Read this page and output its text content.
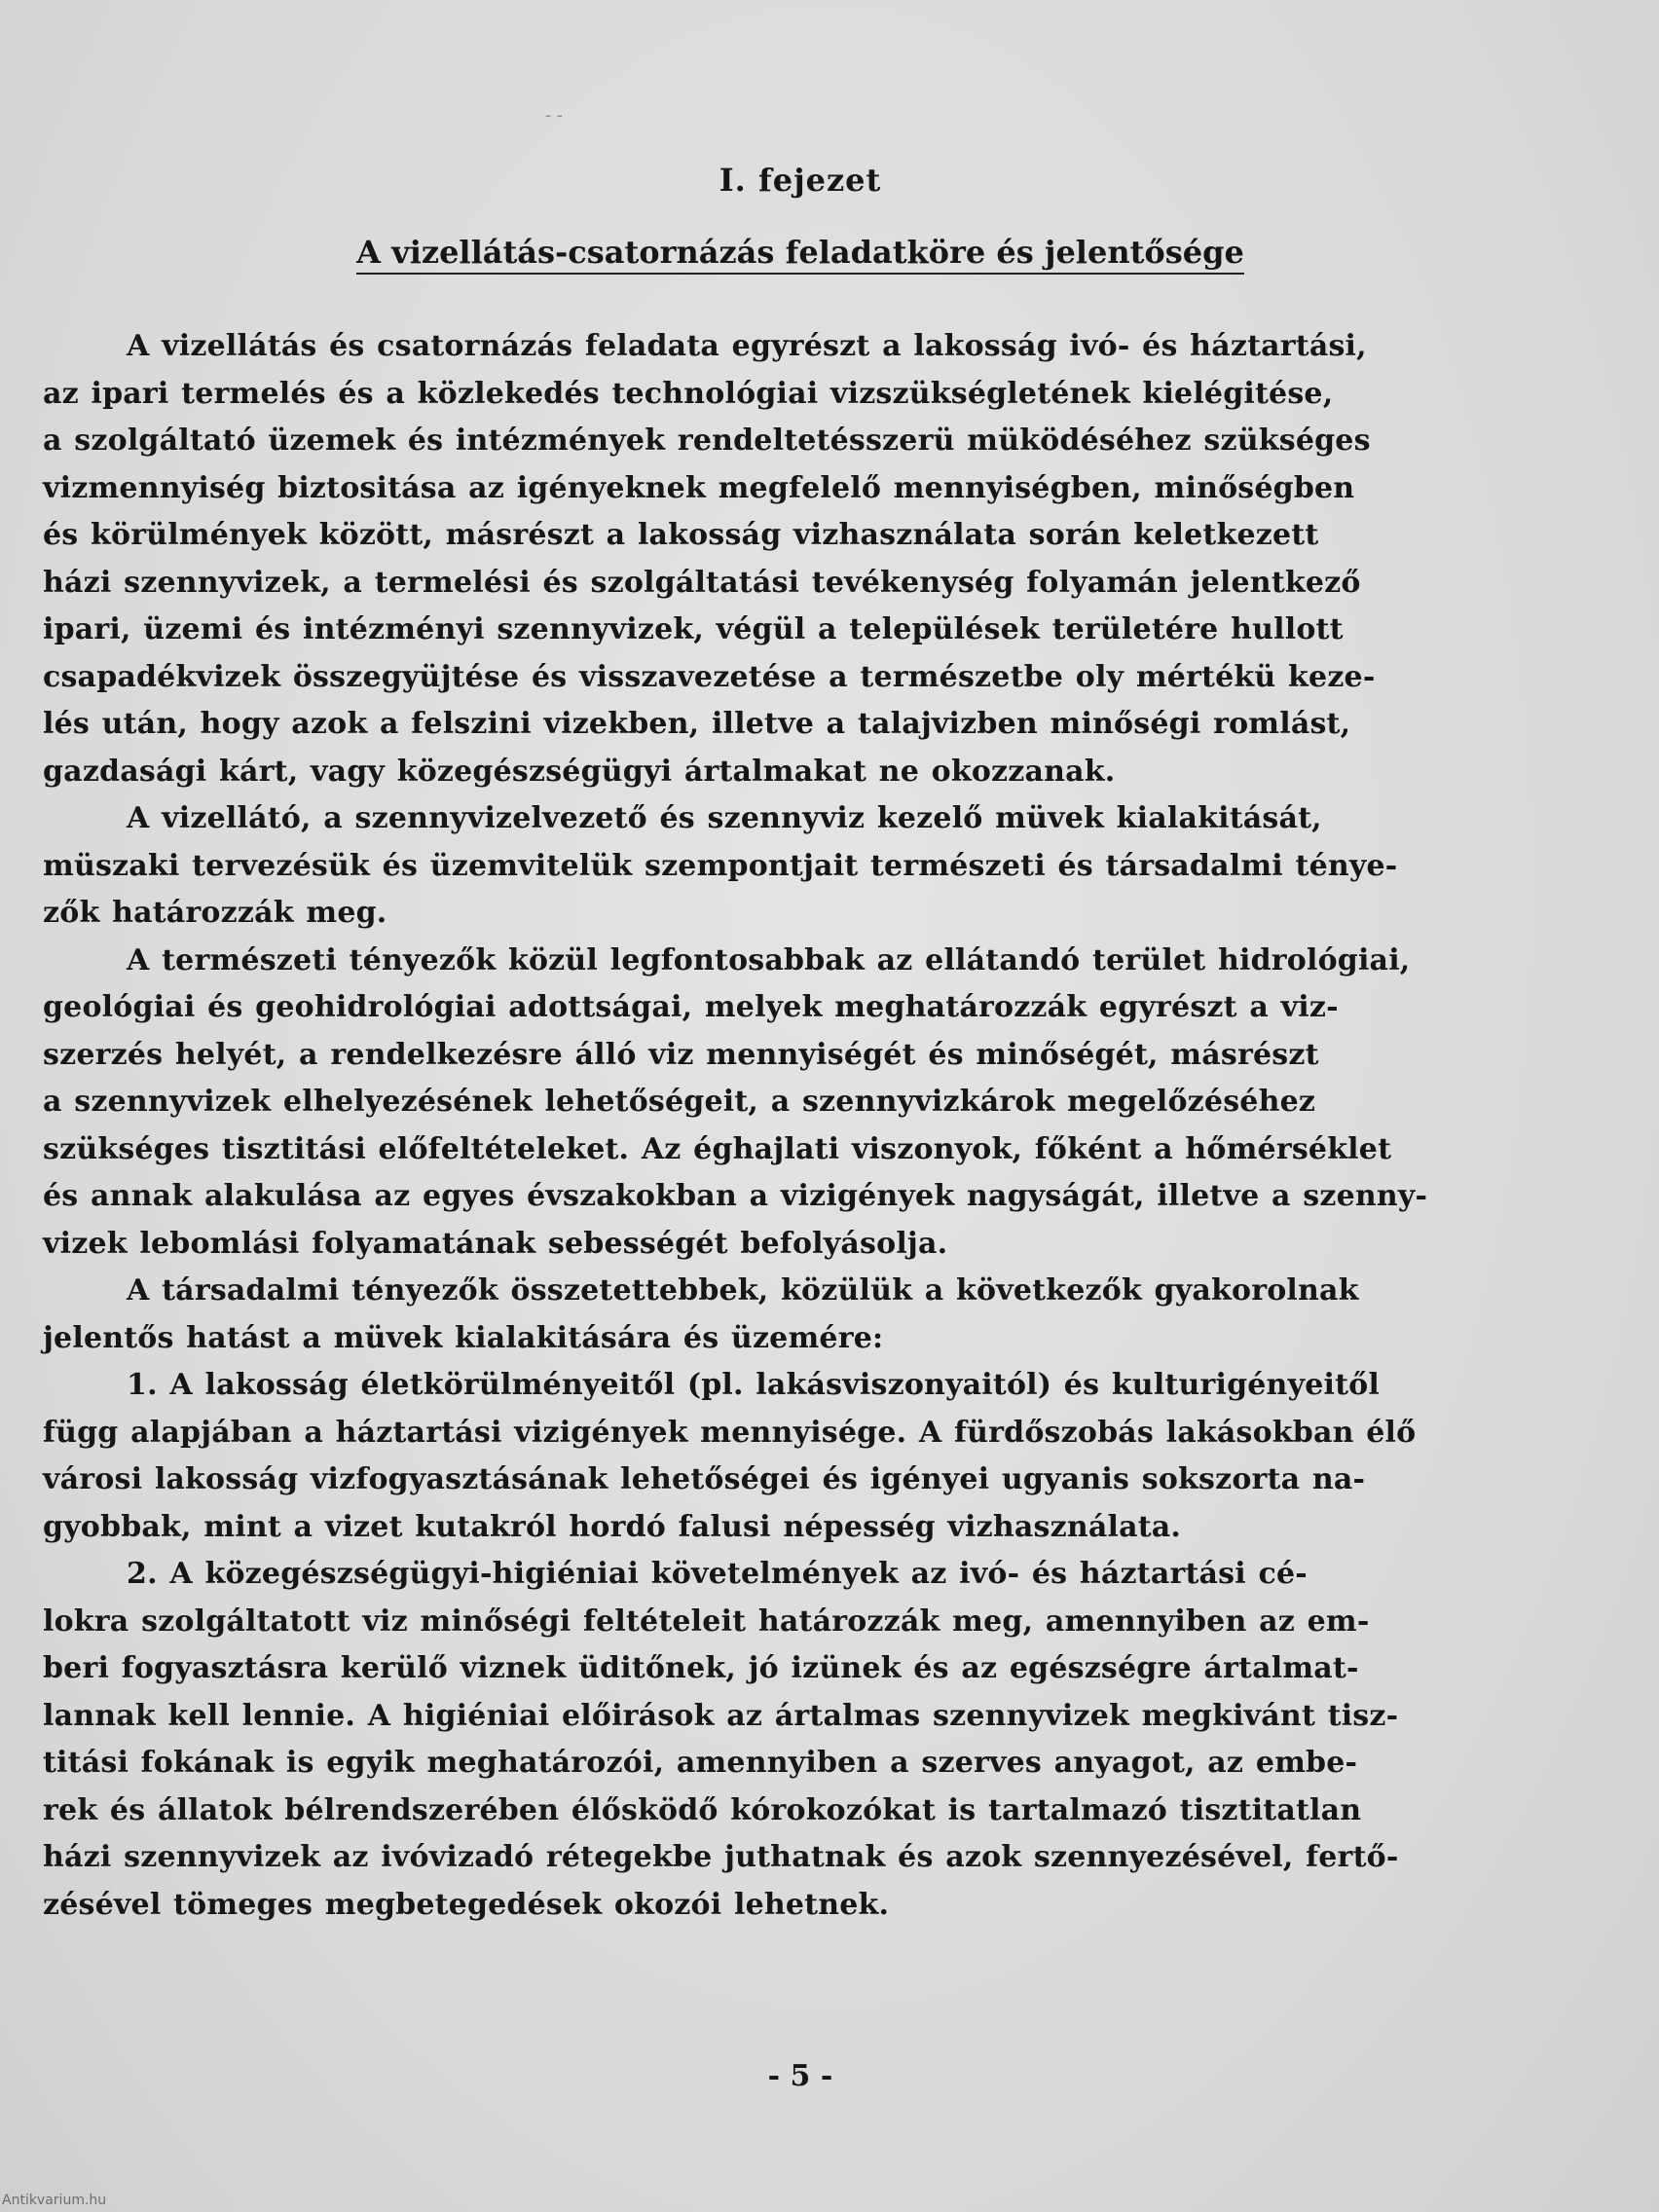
- -
I. fejezet
A vizellátás-csatornázás feladatköre és jelentősége
A vizellátás és csatornázás feladata egyrészt a lakosság ivó- és háztartási,
az ipari termelés és a közlekedés technológiai vizszükségletének kielégitése,
a szolgáltató üzemek és intézmények rendeltetésszerü müködéséhez szükséges
vizmennyiség biztositása az igényeknek megfelelő mennyiségben, minőségben
és körülmények között, másrészt a lakosság vizhasználata során keletkezett
házi szennyvizek, a termelési és szolgáltatási tevékenység folyamán jelentkező
ipari, üzemi és intézményi szennyvizek, végül a települések területére hullott
csapadékvizek összegyüjtése és visszavezetése a természetbe oly mértékü keze-
lés után, hogy azok a felszini vizekben, illetve a talajvizben minőségi romlást,
gazdasági kárt, vagy közegészségügyi ártalmakat ne okozzanak.
A vizellátó, a szennyvizelvezető és szennyviz kezelő müvek kialakitását,
müszaki tervezésük és üzemvitelük szempontjait természeti és társadalmi ténye-
zők határozzák meg.
A természeti tényezők közül legfontosabbak az ellátandó terület hidrológiai,
geológiai és geohidrológiai adottságai, melyek meghatározzák egyrészt a viz-
szerzés helyét, a rendelkezésre álló viz mennyiségét és minőségét, másrészt
a szennyvizek elhelyezésének lehetőségeit, a szennyvizkárok megelőzéséhez
szükséges tisztitási előfeltételeket. Az éghajlati viszonyok, főként a hőmérséklet
és annak alakulása az egyes évszakokban a vizigények nagyságát, illetve a szenny-
vizek lebomlási folyamatának sebességét befolyásolja.
A társadalmi tényezők összetettebbek, közülük a következők gyakorolnak
jelentős hatást a müvek kialakitására és üzemére:
1. A lakosság életkörülményeitől (pl. lakásviszonyaitól) és kulturigényeitől
függ alapjában a háztartási vizigények mennyisége. A fürdőszobás lakásokban élő
városi lakosság vizfogyasztásának lehetőségei és igényei ugyanis sokszorta na-
gyobbak, mint a vizet kutakról hordó falusi népesség vizhasználata.
2. A közegészségügyi-higiéniai követelmények az ivó- és háztartási cé-
lokra szolgáltatott viz minőségi feltételeit határozzák meg, amennyiben az em-
beri fogyasztásra kerülő viznek üditőnek, jó izünek és az egészségre ártalmat-
lannak kell lennie. A higiéniai előirások az ártalmas szennyvizek megkivánt tisz-
titási fokának is egyik meghatározói, amennyiben a szerves anyagot, az embe-
rek és állatok bélrendszerében élősködő kórokozókat is tartalmazó tisztitatlan
házi szennyvizek az ivóvizadó rétegekbe juthatnak és azok szennyezésével, fertő-
zésével tömeges megbetegedések okozói lehetnek.
- 5 -
Antikvarium.hu
